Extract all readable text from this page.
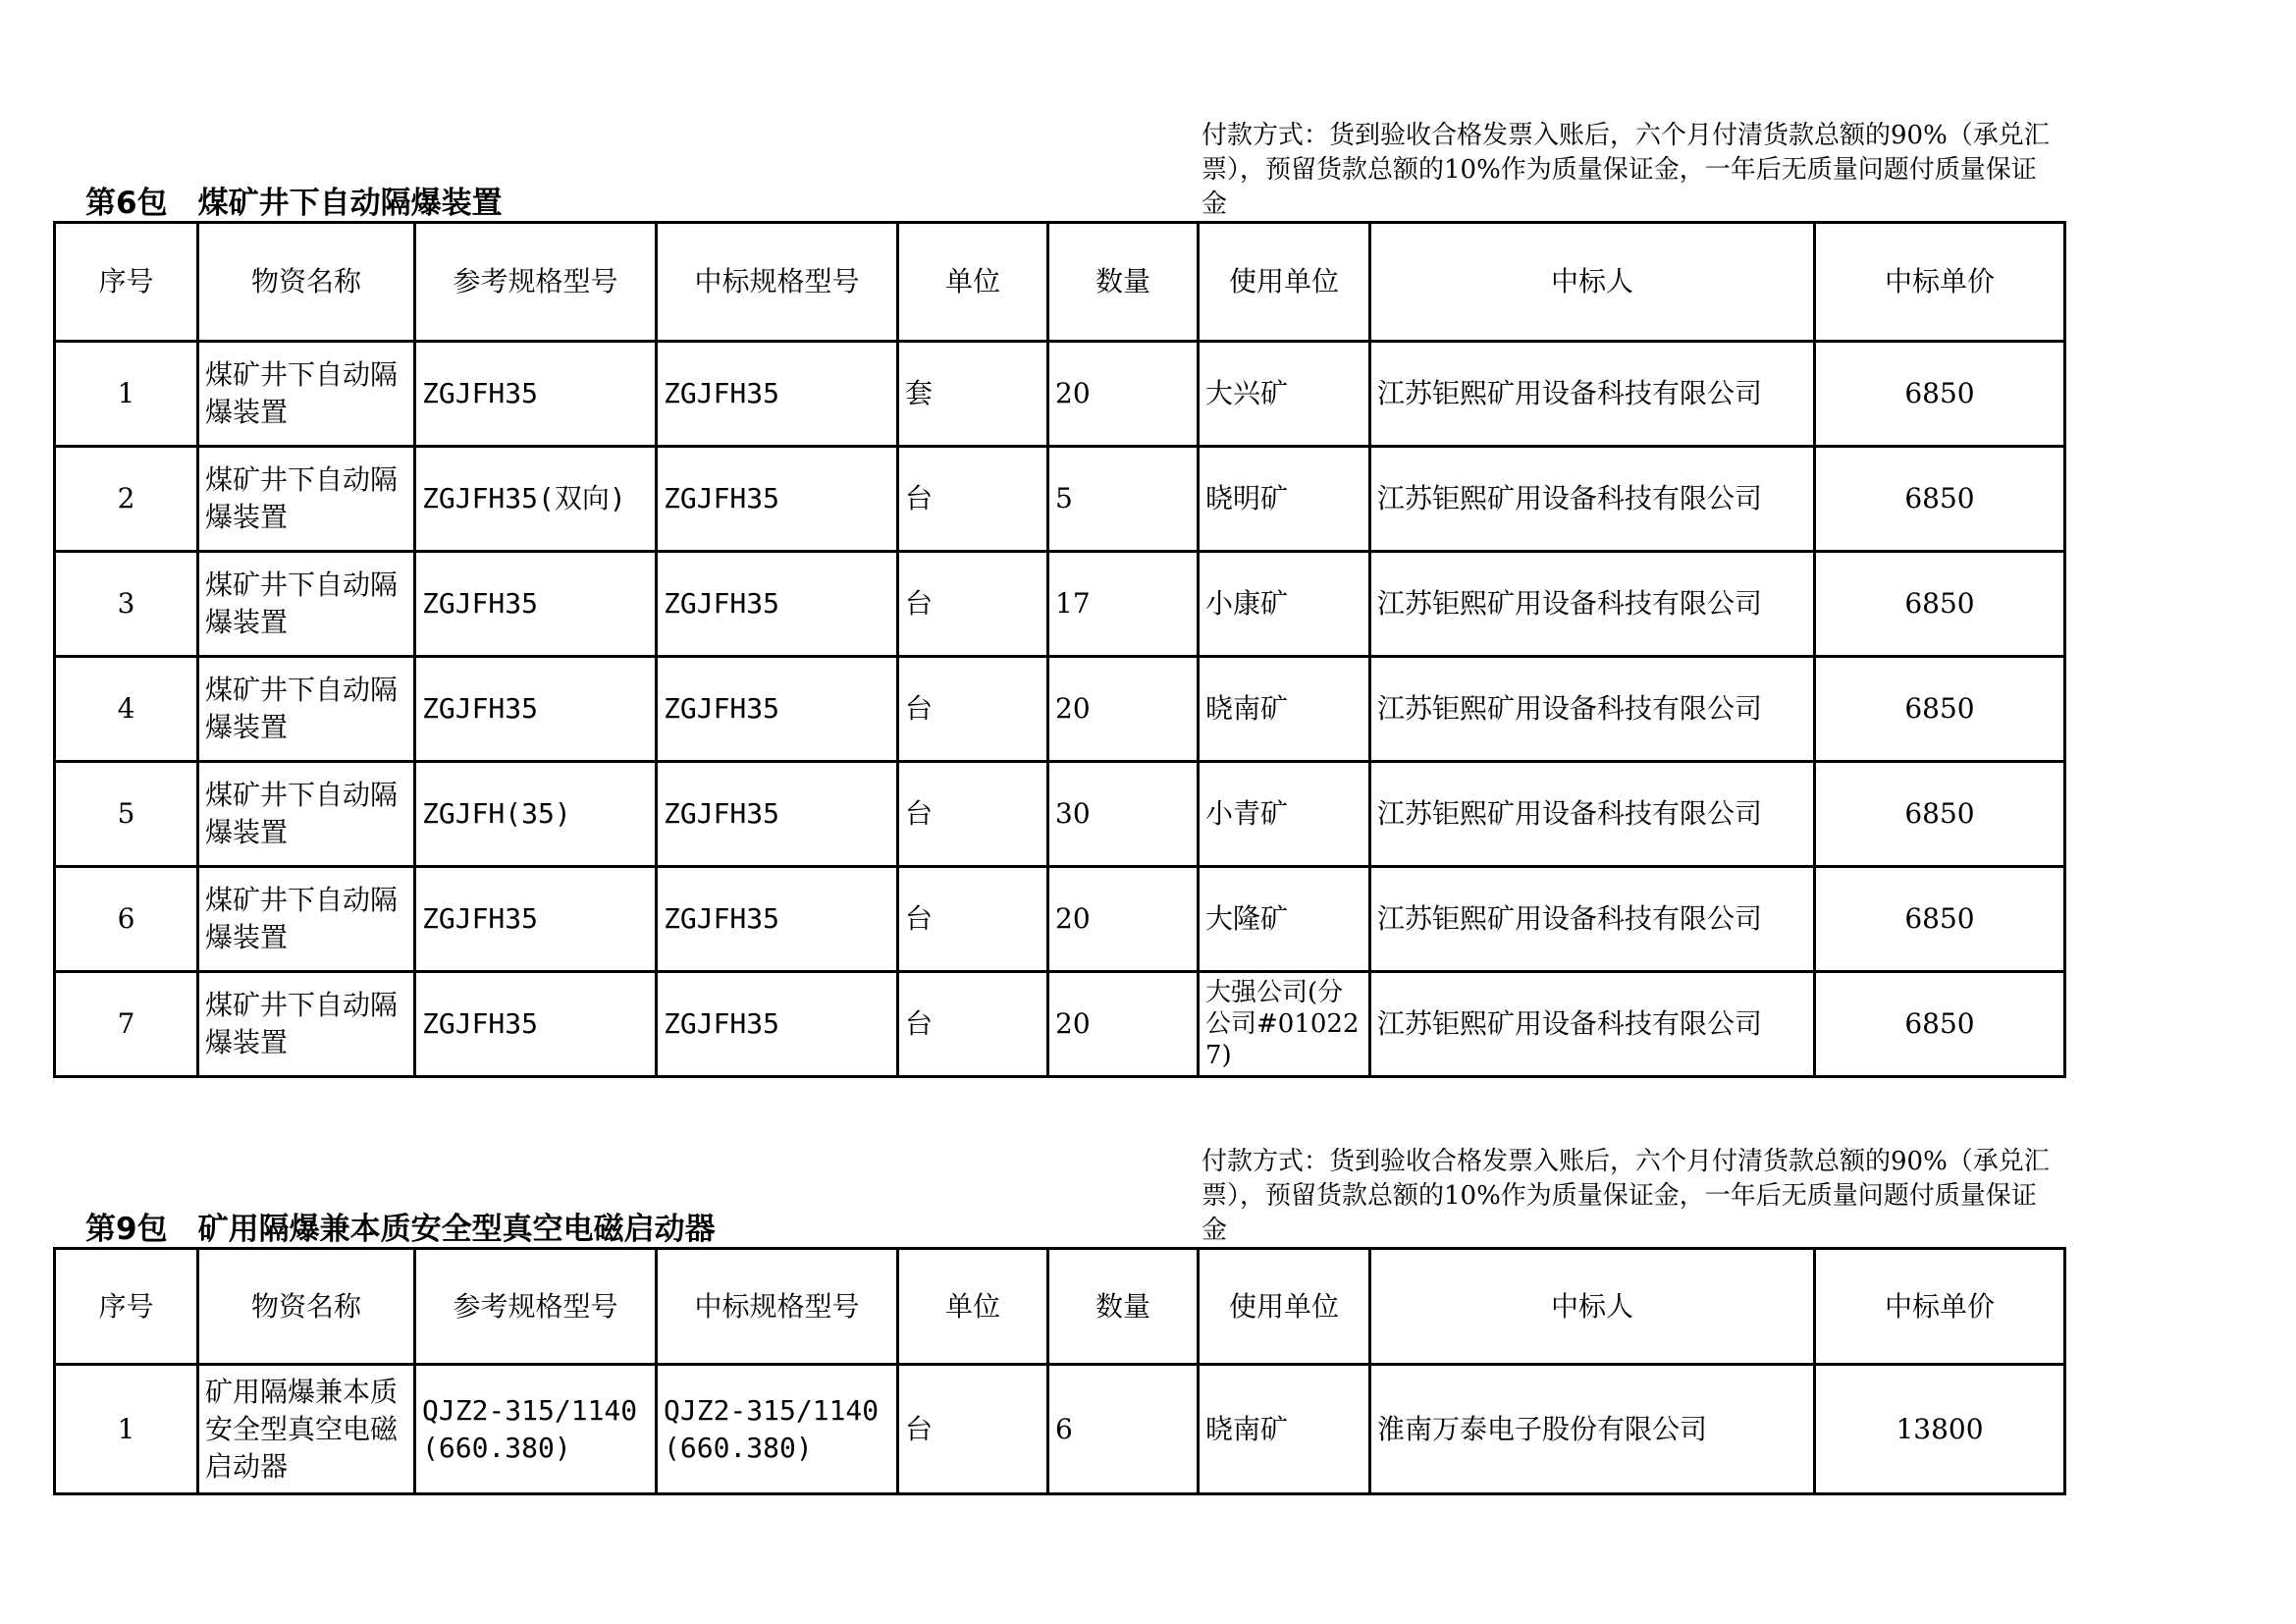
付款方式：货到验收合格发票入账后，六个月付清货款总额的90%（承兑汇票），预留货款总额的10%作为质量保证金，一年后无质量问题付质量保证金
第6包　煤矿井下自动隔爆装置
序号	物资名称	参考规格型号	中标规格型号	单位	数量	使用单位	中标人	中标单价
1	煤矿井下自动隔爆装置	ZGJFH35	ZGJFH35	套	20	大兴矿	江苏钜熙矿用设备科技有限公司	6850
2	煤矿井下自动隔爆装置	ZGJFH35(双向)	ZGJFH35	台	5	晓明矿	江苏钜熙矿用设备科技有限公司	6850
3	煤矿井下自动隔爆装置	ZGJFH35	ZGJFH35	台	17	小康矿	江苏钜熙矿用设备科技有限公司	6850
4	煤矿井下自动隔爆装置	ZGJFH35	ZGJFH35	台	20	晓南矿	江苏钜熙矿用设备科技有限公司	6850
5	煤矿井下自动隔爆装置	ZGJFH(35)	ZGJFH35	台	30	小青矿	江苏钜熙矿用设备科技有限公司	6850
6	煤矿井下自动隔爆装置	ZGJFH35	ZGJFH35	台	20	大隆矿	江苏钜熙矿用设备科技有限公司	6850
7	煤矿井下自动隔爆装置	ZGJFH35	ZGJFH35	台	20	大强公司(分公司#010227)	江苏钜熙矿用设备科技有限公司	6850
付款方式：货到验收合格发票入账后，六个月付清货款总额的90%（承兑汇票），预留货款总额的10%作为质量保证金，一年后无质量问题付质量保证金
第9包　矿用隔爆兼本质安全型真空电磁启动器
序号	物资名称	参考规格型号	中标规格型号	单位	数量	使用单位	中标人	中标单价
1	矿用隔爆兼本质安全型真空电磁启动器	QJZ2-315/1140(660.380)	QJZ2-315/1140(660.380)	台	6	晓南矿	淮南万泰电子股份有限公司	13800
